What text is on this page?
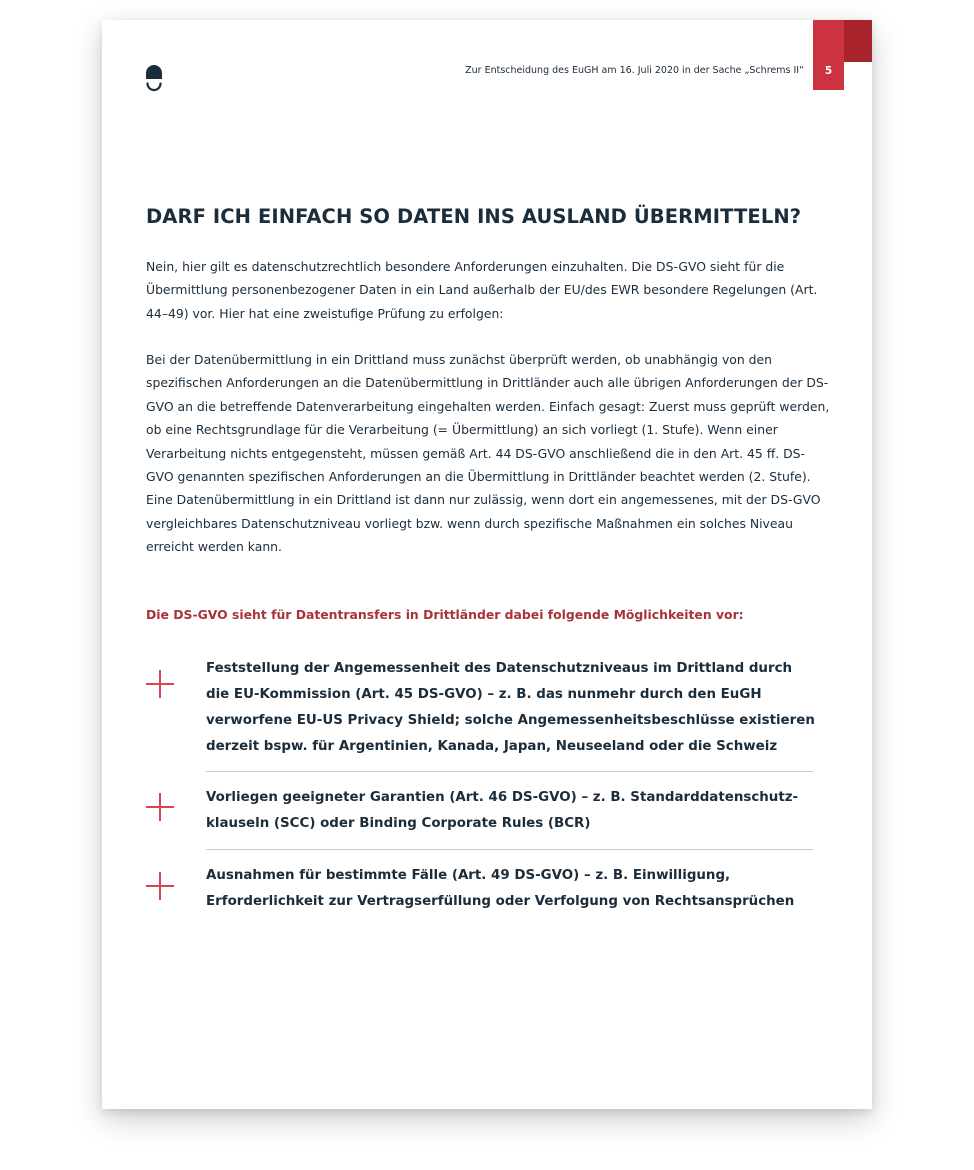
Zur Entscheidung des EuGH am 16. Juli 2020 in der Sache „Schrems II“	5
DARF ICH EINFACH SO DATEN INS AUSLAND ÜBERMITTELN?

Nein, hier gilt es datenschutzrechtlich besondere Anforderungen einzuhalten. Die DS-GVO sieht für die Übermittlung personenbezogener Daten in ein Land außerhalb der EU/des EWR besondere Regelungen (Art. 44–49) vor. Hier hat eine zweistufige Prüfung zu erfolgen:

Bei der Datenübermittlung in ein Drittland muss zunächst überprüft werden, ob unabhängig von den spezifischen Anforderungen an die Datenübermittlung in Drittländer auch alle übrigen Anforderungen der DS-GVO an die betreffende Datenverarbeitung eingehalten werden. Einfach gesagt: Zuerst muss geprüft werden, ob eine Rechtsgrundlage für die Verarbeitung (= Übermittlung) an sich vorliegt (1. Stufe). Wenn einer Verarbeitung nichts entgegensteht, müssen gemäß Art. 44 DS-GVO anschließend die in den Art. 45 ff. DS-GVO genannten spezifischen Anforderungen an die Übermittlung in Drittländer beachtet werden (2. Stufe). Eine Datenübermittlung in ein Drittland ist dann nur zulässig, wenn dort ein angemessenes, mit der DS-GVO vergleichbares Datenschutzniveau vorliegt bzw. wenn durch spezifische Maßnahmen ein solches Niveau erreicht werden kann.

Die DS-GVO sieht für Datentransfers in Drittländer dabei folgende Möglichkeiten vor:

Feststellung der Angemessenheit des Datenschutzniveaus im Drittland durch die EU-Kommission (Art. 45 DS-GVO) – z. B. das nunmehr durch den EuGH verworfene EU-US Privacy Shield; solche Angemessenheitsbeschlüsse existieren derzeit bspw. für Argentinien, Kanada, Japan, Neuseeland oder die Schweiz

Vorliegen geeigneter Garantien (Art. 46 DS-GVO) – z. B. Standarddatenschutzklauseln (SCC) oder Binding Corporate Rules (BCR)

Ausnahmen für bestimmte Fälle (Art. 49 DS-GVO) – z. B. Einwilligung, Erforderlichkeit zur Vertragserfüllung oder Verfolgung von Rechtsansprüchen
